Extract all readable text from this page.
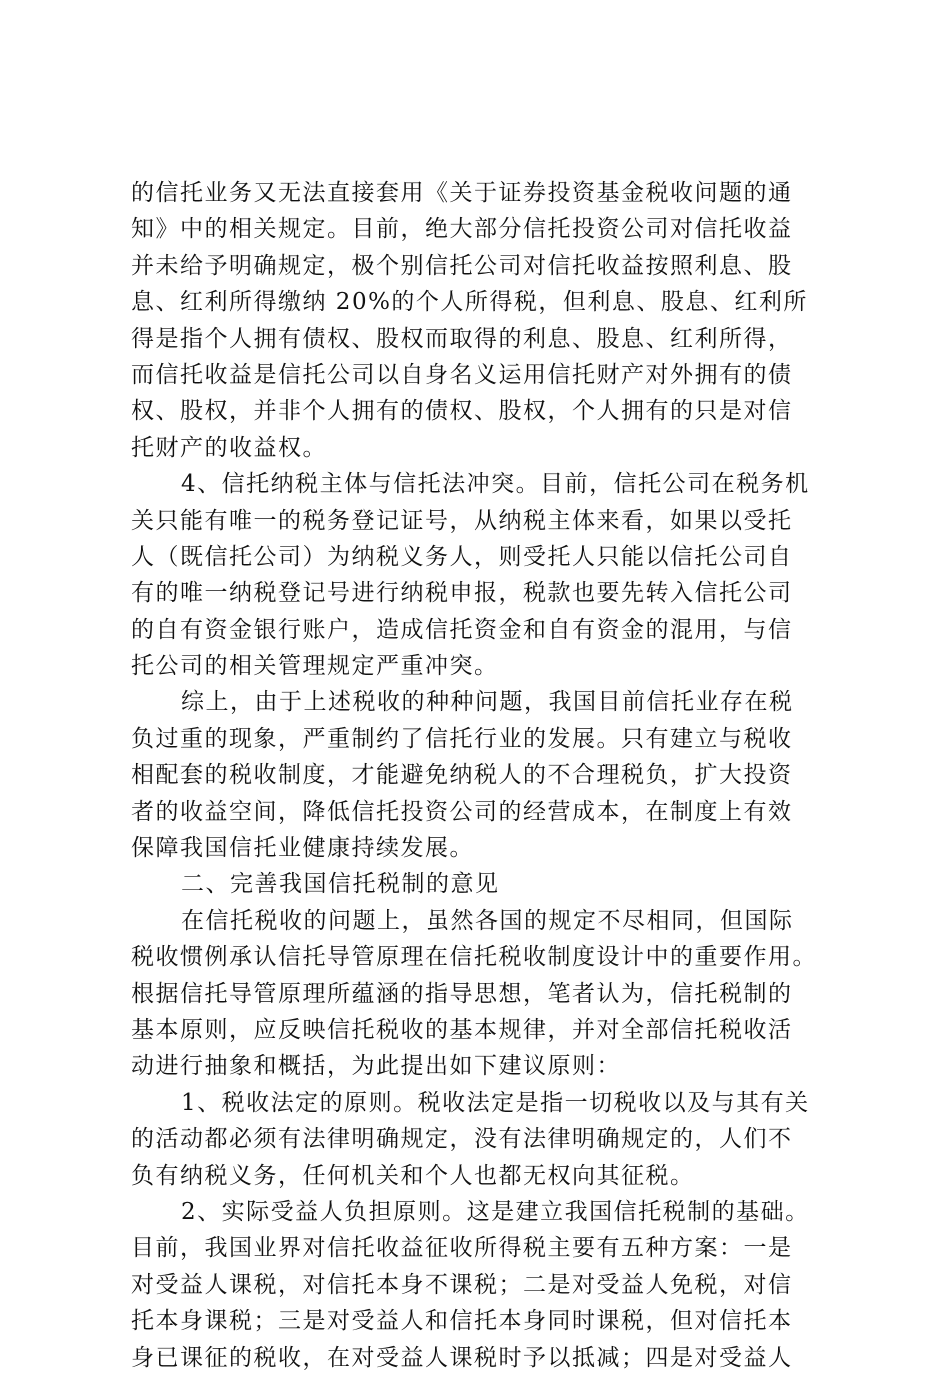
的信托业务又无法直接套用《关于证券投资基金税收问题的通
知》中的相关规定。目前，绝大部分信托投资公司对信托收益
并未给予明确规定，极个别信托公司对信托收益按照利息、股
息、红利所得缴纳 20%的个人所得税，但利息、股息、红利所
得是指个人拥有债权、股权而取得的利息、股息、红利所得，
而信托收益是信托公司以自身名义运用信托财产对外拥有的债
权、股权，并非个人拥有的债权、股权，个人拥有的只是对信
托财产的收益权。
4、信托纳税主体与信托法冲突。目前，信托公司在税务机
关只能有唯一的税务登记证号，从纳税主体来看，如果以受托
人（既信托公司）为纳税义务人，则受托人只能以信托公司自
有的唯一纳税登记号进行纳税申报，税款也要先转入信托公司
的自有资金银行账户，造成信托资金和自有资金的混用，与信
托公司的相关管理规定严重冲突。
综上，由于上述税收的种种问题，我国目前信托业存在税
负过重的现象，严重制约了信托行业的发展。只有建立与税收
相配套的税收制度，才能避免纳税人的不合理税负，扩大投资
者的收益空间，降低信托投资公司的经营成本，在制度上有效
保障我国信托业健康持续发展。
二、完善我国信托税制的意见
在信托税收的问题上，虽然各国的规定不尽相同，但国际
税收惯例承认信托导管原理在信托税收制度设计中的重要作用。
根据信托导管原理所蕴涵的指导思想，笔者认为，信托税制的
基本原则，应反映信托税收的基本规律，并对全部信托税收活
动进行抽象和概括，为此提出如下建议原则：
1、税收法定的原则。税收法定是指一切税收以及与其有关
的活动都必须有法律明确规定，没有法律明确规定的，人们不
负有纳税义务，任何机关和个人也都无权向其征税。
2、实际受益人负担原则。这是建立我国信托税制的基础。
目前，我国业界对信托收益征收所得税主要有五种方案：一是
对受益人课税，对信托本身不课税；二是对受益人免税，对信
托本身课税；三是对受益人和信托本身同时课税，但对信托本
身已课征的税收，在对受益人课税时予以抵减；四是对受益人
